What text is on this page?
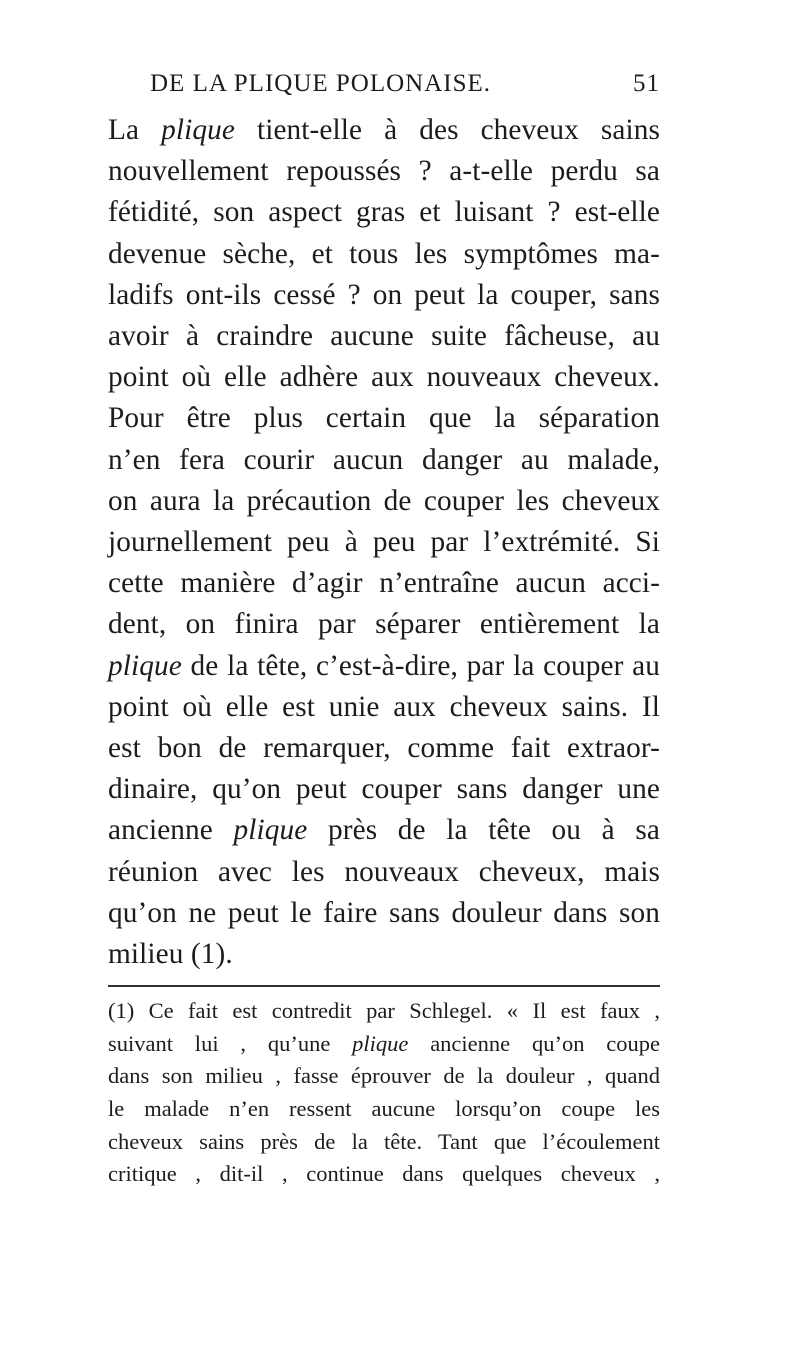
DE LA PLIQUE POLONAISE.	51
La plique tient-elle à des cheveux sains
nouvellement repoussés ? a-t-elle perdu sa
fétidité, son aspect gras et luisant ? est-elle
devenue sèche, et tous les symptômes ma-
ladifs ont-ils cessé ? on peut la couper, sans
avoir à craindre aucune suite fâcheuse, au
point où elle adhère aux nouveaux cheveux.
Pour être plus certain que la séparation
n’en fera courir aucun danger au malade,
on aura la précaution de couper les cheveux
journellement peu à peu par l’extrémité. Si
cette manière d’agir n’entraîne aucun acci-
dent, on finira par séparer entièrement la
plique de la tête, c’est-à-dire, par la couper au
point où elle est unie aux cheveux sains. Il
est bon de remarquer, comme fait extraor-
dinaire, qu’on peut couper sans danger une
ancienne plique près de la tête ou à sa
réunion avec les nouveaux cheveux, mais
qu’on ne peut le faire sans douleur dans son
milieu (1).
(1) Ce fait est contredit par Schlegel. « Il est faux ,
suivant lui , qu’une plique ancienne qu’on coupe
dans son milieu , fasse éprouver de la douleur , quand
le malade n’en ressent aucune lorsqu’on coupe les
cheveux sains près de la tête. Tant que l’écoulement
critique , dit-il , continue dans quelques cheveux ,
